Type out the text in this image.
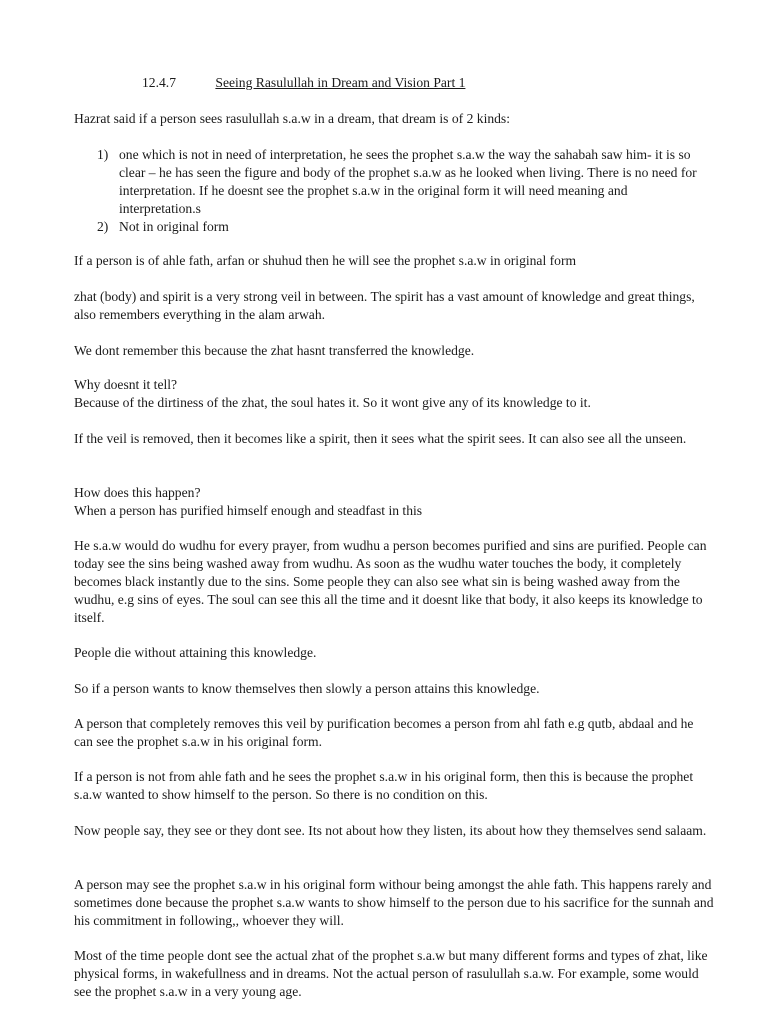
12.4.7	Seeing Rasulullah in Dream and Vision Part 1

Hazrat said if a person sees rasulullah s.a.w in a dream, that dream is of 2 kinds:

1) one which is not in need of interpretation, he sees the prophet s.a.w the way the sahabah saw him- it is so clear – he has seen the figure and body of the prophet s.a.w as he looked when living. There is no need for interpretation. If he doesnt see the prophet s.a.w in the original form it will need meaning and interpretation.s
2) Not in original form

If a person is of ahle fath, arfan or shuhud then he will see the prophet s.a.w in original form

zhat (body) and spirit is a very strong veil in between. The spirit has a vast amount of knowledge and great things, also remembers everything in the alam arwah.

We dont remember this because the zhat hasnt transferred the knowledge.

Why doesnt it tell?
Because of the dirtiness of the zhat, the soul hates it. So it wont give any of its knowledge to it.

If the veil is removed, then it becomes like a spirit, then it sees what the spirit sees. It can also see all the unseen.

How does this happen?
When a person has purified himself enough and steadfast in this

He s.a.w would do wudhu for every prayer, from wudhu a person becomes purified and sins are purified. People can today see the sins being washed away from wudhu. As soon as the wudhu water touches the body, it completely becomes black instantly due to the sins. Some people they can also see what sin is being washed away from the wudhu, e.g sins of eyes. The soul can see this all the time and it doesnt like that body, it also keeps its knowledge to itself.

People die without attaining this knowledge.

So if a person wants to know themselves then slowly a person attains this knowledge.

A person that completely removes this veil by purification becomes a person from ahl fath e.g qutb, abdaal and he can see the prophet s.a.w in his original form.

If a person is not from ahle fath and he sees the prophet s.a.w in his original form, then this is because the prophet s.a.w wanted to show himself to the person. So there is no condition on this.

Now people say, they see or they dont see. Its not about how they listen, its about how they themselves send salaam.

A person may see the prophet s.a.w in his original form withour being amongst the ahle fath. This happens rarely and sometimes done because the prophet s.a.w wants to show himself to the person due to his sacrifice for the sunnah and his commitment in following,, whoever they will.

Most of the time people dont see the actual zhat of the prophet s.a.w but many different forms and types of zhat, like physical forms, in wakefullness and in dreams. Not the actual person of rasulullah s.a.w. For example, some would see the prophet s.a.w in a very young age.
